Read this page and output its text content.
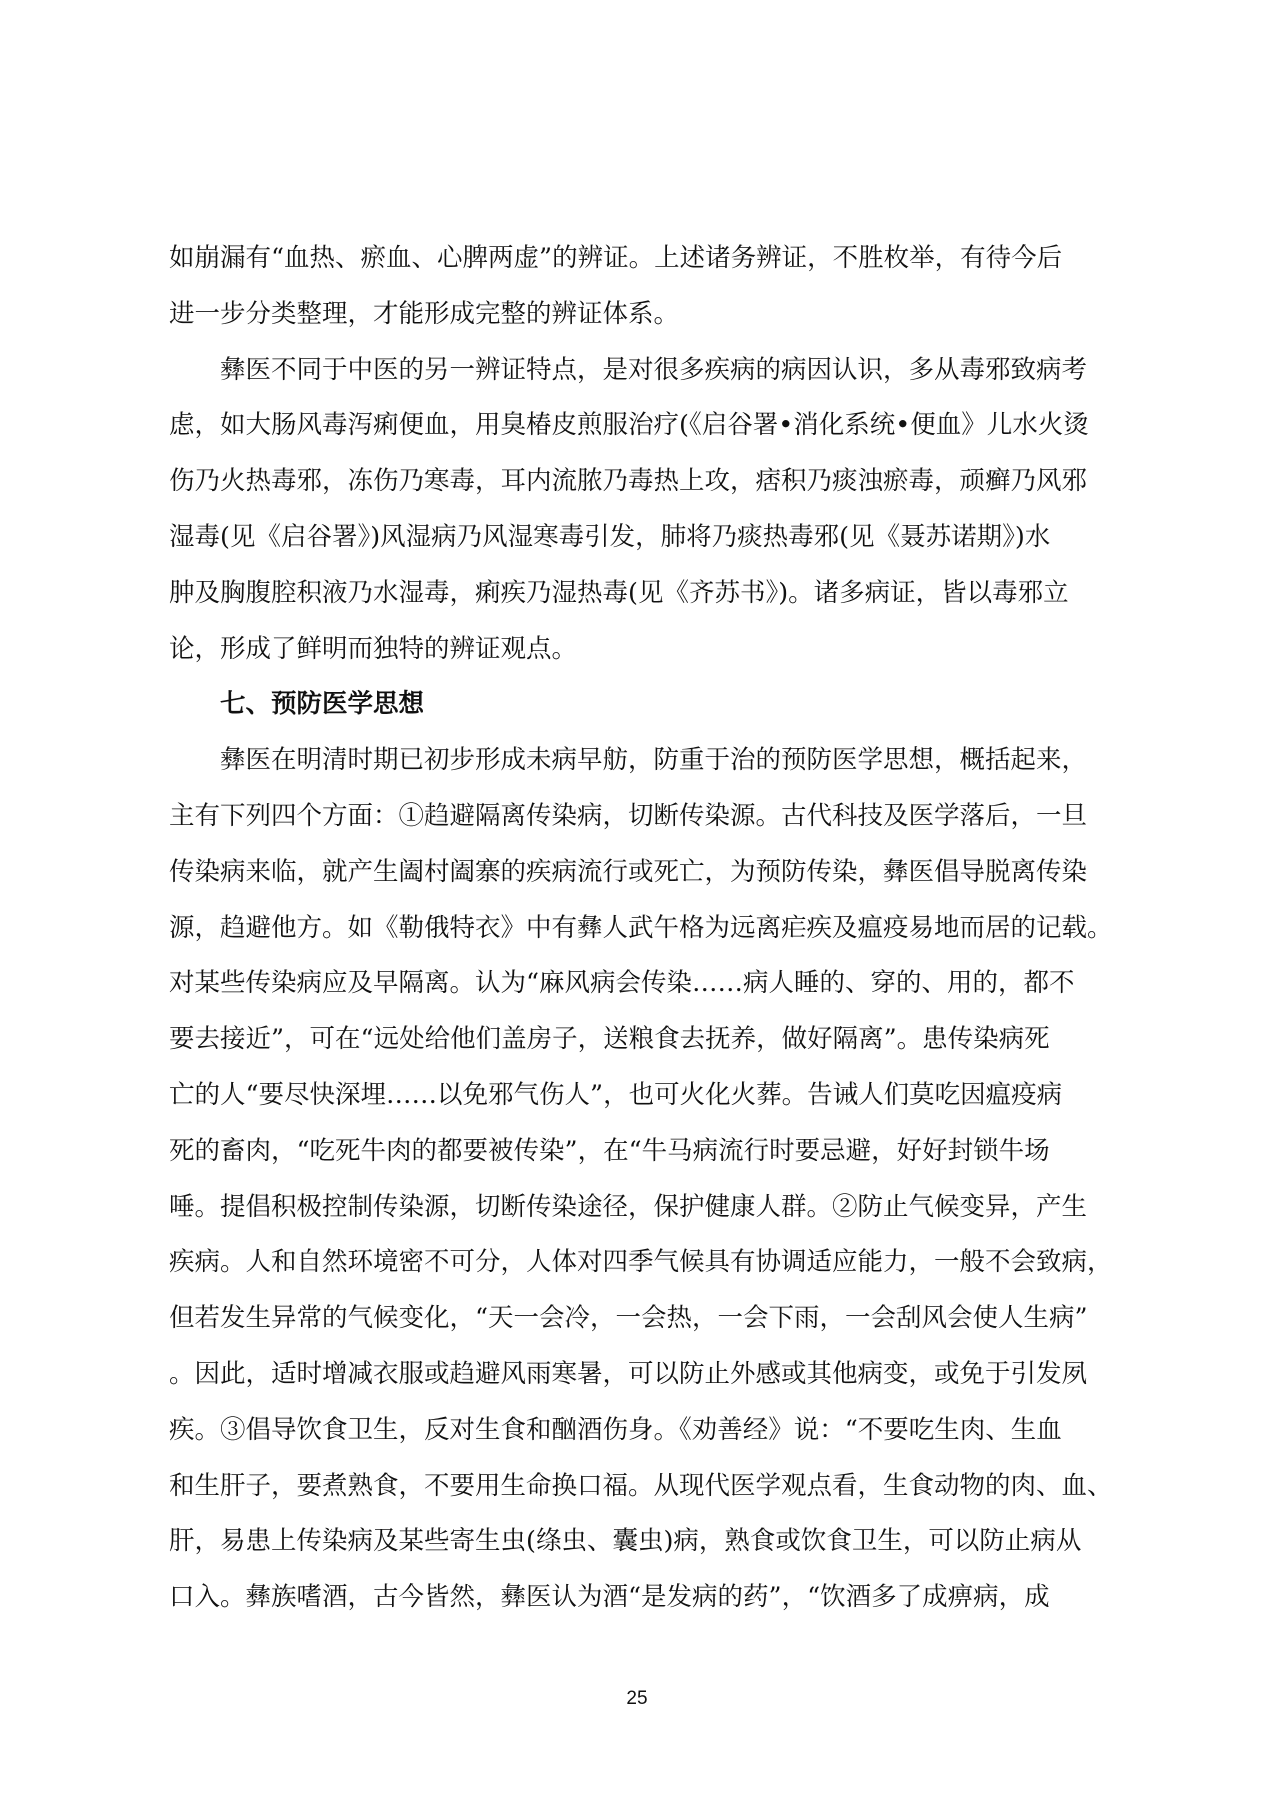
如崩漏有“血热、瘀血、心脾两虚”的辨证。上述诸务辨证，不胜枚举，有待今后
进一步分类整理，才能形成完整的辨证体系。
彝医不同于中医的另一辨证特点，是对很多疾病的病因认识，多从毒邪致病考
虑，如大肠风毒泻痢便血，用臭椿皮煎服治疗(《启谷署•消化系统•便血》儿水火烫
伤乃火热毒邪，冻伤乃寒毒，耳内流脓乃毒热上攻，痞积乃痰浊瘀毒，顽癣乃风邪
湿毒(见《启谷署》)风湿病乃风湿寒毒引发，肺将乃痰热毒邪(见《聂苏诺期》)水
肿及胸腹腔积液乃水湿毒，痢疾乃湿热毒(见《齐苏书》)。诸多病证，皆以毒邪立
论，形成了鲜明而独特的辨证观点。
七、预防医学思想
彝医在明清时期已初步形成未病早舫，防重于治的预防医学思想，概括起来，
主有下列四个方面：①趋避隔离传染病，切断传染源。古代科技及医学落后，一旦
传染病来临，就产生阖村阖寨的疾病流行或死亡，为预防传染，彝医倡导脱离传染
源，趋避他方。如《勒俄特衣》中有彝人武午格为远离疟疾及瘟疫易地而居的记载。
对某些传染病应及早隔离。认为“麻风病会传染……病人睡的、穿的、用的，都不
要去接近”，可在“远处给他们盖房子，送粮食去抚养，做好隔离”。患传染病死
亡的人“要尽快深埋……以免邪气伤人”，也可火化火葬。告诫人们莫吃因瘟疫病
死的畜肉，“吃死牛肉的都要被传染”，在“牛马病流行时要忌避，好好封锁牛场
唾。提倡积极控制传染源，切断传染途径，保护健康人群。②防止气候变异，产生
疾病。人和自然环境密不可分，人体对四季气候具有协调适应能力，一般不会致病，
但若发生异常的气候变化，“天一会冷，一会热，一会下雨，一会刮风会使人生病”
。因此，适时增减衣服或趋避风雨寒暑，可以防止外感或其他病变，或免于引发夙
疾。③倡导饮食卫生，反对生食和酗酒伤身。《劝善经》说：“不要吃生肉、生血
和生肝子，要煮熟食，不要用生命换口福。从现代医学观点看，生食动物的肉、血、
肝，易患上传染病及某些寄生虫(绦虫、囊虫)病，熟食或饮食卫生，可以防止病从
口入。彝族嗜酒，古今皆然，彝医认为酒“是发病的药”，“饮酒多了成痹病，成
25
